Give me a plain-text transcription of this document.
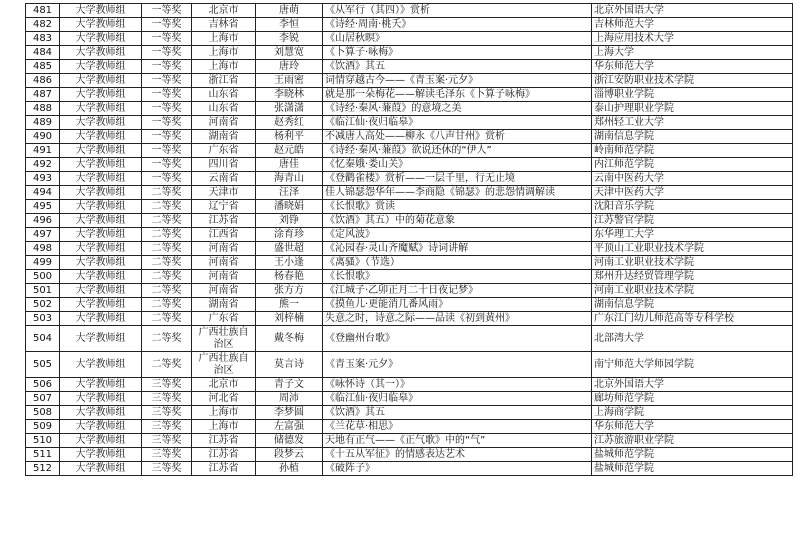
481	大学教师组	一等奖	北京市	唐萌	《从军行（其四）》赏析	北京外国语大学
482	大学教师组	一等奖	吉林省	李恒	《诗经·周南·桃夭》	吉林师范大学
483	大学教师组	一等奖	上海市	李锐	《山居秋暝》	上海应用技术大学
484	大学教师组	一等奖	上海市	刘慧宽	《卜算子·咏梅》	上海大学
485	大学教师组	一等奖	上海市	唐玲	《饮酒》其五	华东师范大学
486	大学教师组	一等奖	浙江省	王雨密	词情穿越古今——《青玉案·元夕》	浙江安防职业技术学院
487	大学教师组	一等奖	山东省	李晓林	就是那一朵梅花——解读毛泽东《卜算子咏梅》	淄博职业学院
488	大学教师组	一等奖	山东省	张潇潇	《诗经·秦风·蒹葭》的意境之美	泰山护理职业学院
489	大学教师组	一等奖	河南省	赵秀红	《临江仙·夜归临皋》	郑州轻工业大学
490	大学教师组	一等奖	湖南省	杨利平	不减唐人高处——柳永《八声甘州》赏析	湖南信息学院
491	大学教师组	一等奖	广东省	赵元皓	《诗经·秦风·蒹葭》欲说还休的“伊人”	岭南师范学院
492	大学教师组	一等奖	四川省	唐佳	《忆秦娥·娄山关》	内江师范学院
493	大学教师组	一等奖	云南省	海青山	《登鹳雀楼》赏析——一层千里，行无止境	云南中医药大学
494	大学教师组	二等奖	天津市	汪泽	佳人锦瑟怨华年——李商隐《锦瑟》的悲怨情调解读	天津中医药大学
495	大学教师组	二等奖	辽宁省	潘晓娟	《长恨歌》赏读	沈阳音乐学院
496	大学教师组	二等奖	江苏省	刘铮	《饮酒》其五）中的菊花意象	江苏警官学院
497	大学教师组	二等奖	江西省	涂育珍	《定风波》	东华理工大学
498	大学教师组	二等奖	河南省	盛世超	《沁园春·灵山齐魔赋》诗词讲解	平顶山工业职业技术学院
499	大学教师组	二等奖	河南省	王小逢	《离骚》（节选）	河南工业职业技术学院
500	大学教师组	二等奖	河南省	杨春艳	《长恨歌》	郑州升达经贸管理学院
501	大学教师组	二等奖	河南省	张方方	《江城子·乙卯正月二十日夜记梦》	河南工业职业技术学院
502	大学教师组	二等奖	湖南省	熊一	《摸鱼儿·更能消几番风雨》	湖南信息学院
503	大学教师组	二等奖	广东省	刘梓楠	失意之时，诗意之际——品读《初到黄州》	广东江门幼儿师范高等专科学校
504	大学教师组	二等奖	广西壮族自治区	戴冬梅	《登幽州台歌》	北部湾大学
505	大学教师组	二等奖	广西壮族自治区	莫言诗	《青玉案·元夕》	南宁师范大学师园学院
506	大学教师组	三等奖	北京市	青子文	《咏怀诗（其一）》	北京外国语大学
507	大学教师组	三等奖	河北省	周沛	《临江仙·夜归临皋》	廊坊师范学院
508	大学教师组	三等奖	上海市	李梦圆	《饮酒》其五	上海商学院
509	大学教师组	三等奖	上海市	左富强	《兰花草·相思》	华东师范大学
510	大学教师组	三等奖	江苏省	储德发	天地有正气——《正气歌》中的“气”	江苏旅游职业学院
511	大学教师组	三等奖	江苏省	段梦云	《十五从军征》的情感表达艺术	盐城师范学院
512	大学教师组	三等奖	江苏省	孙植	《破阵子》	盐城师范学院
